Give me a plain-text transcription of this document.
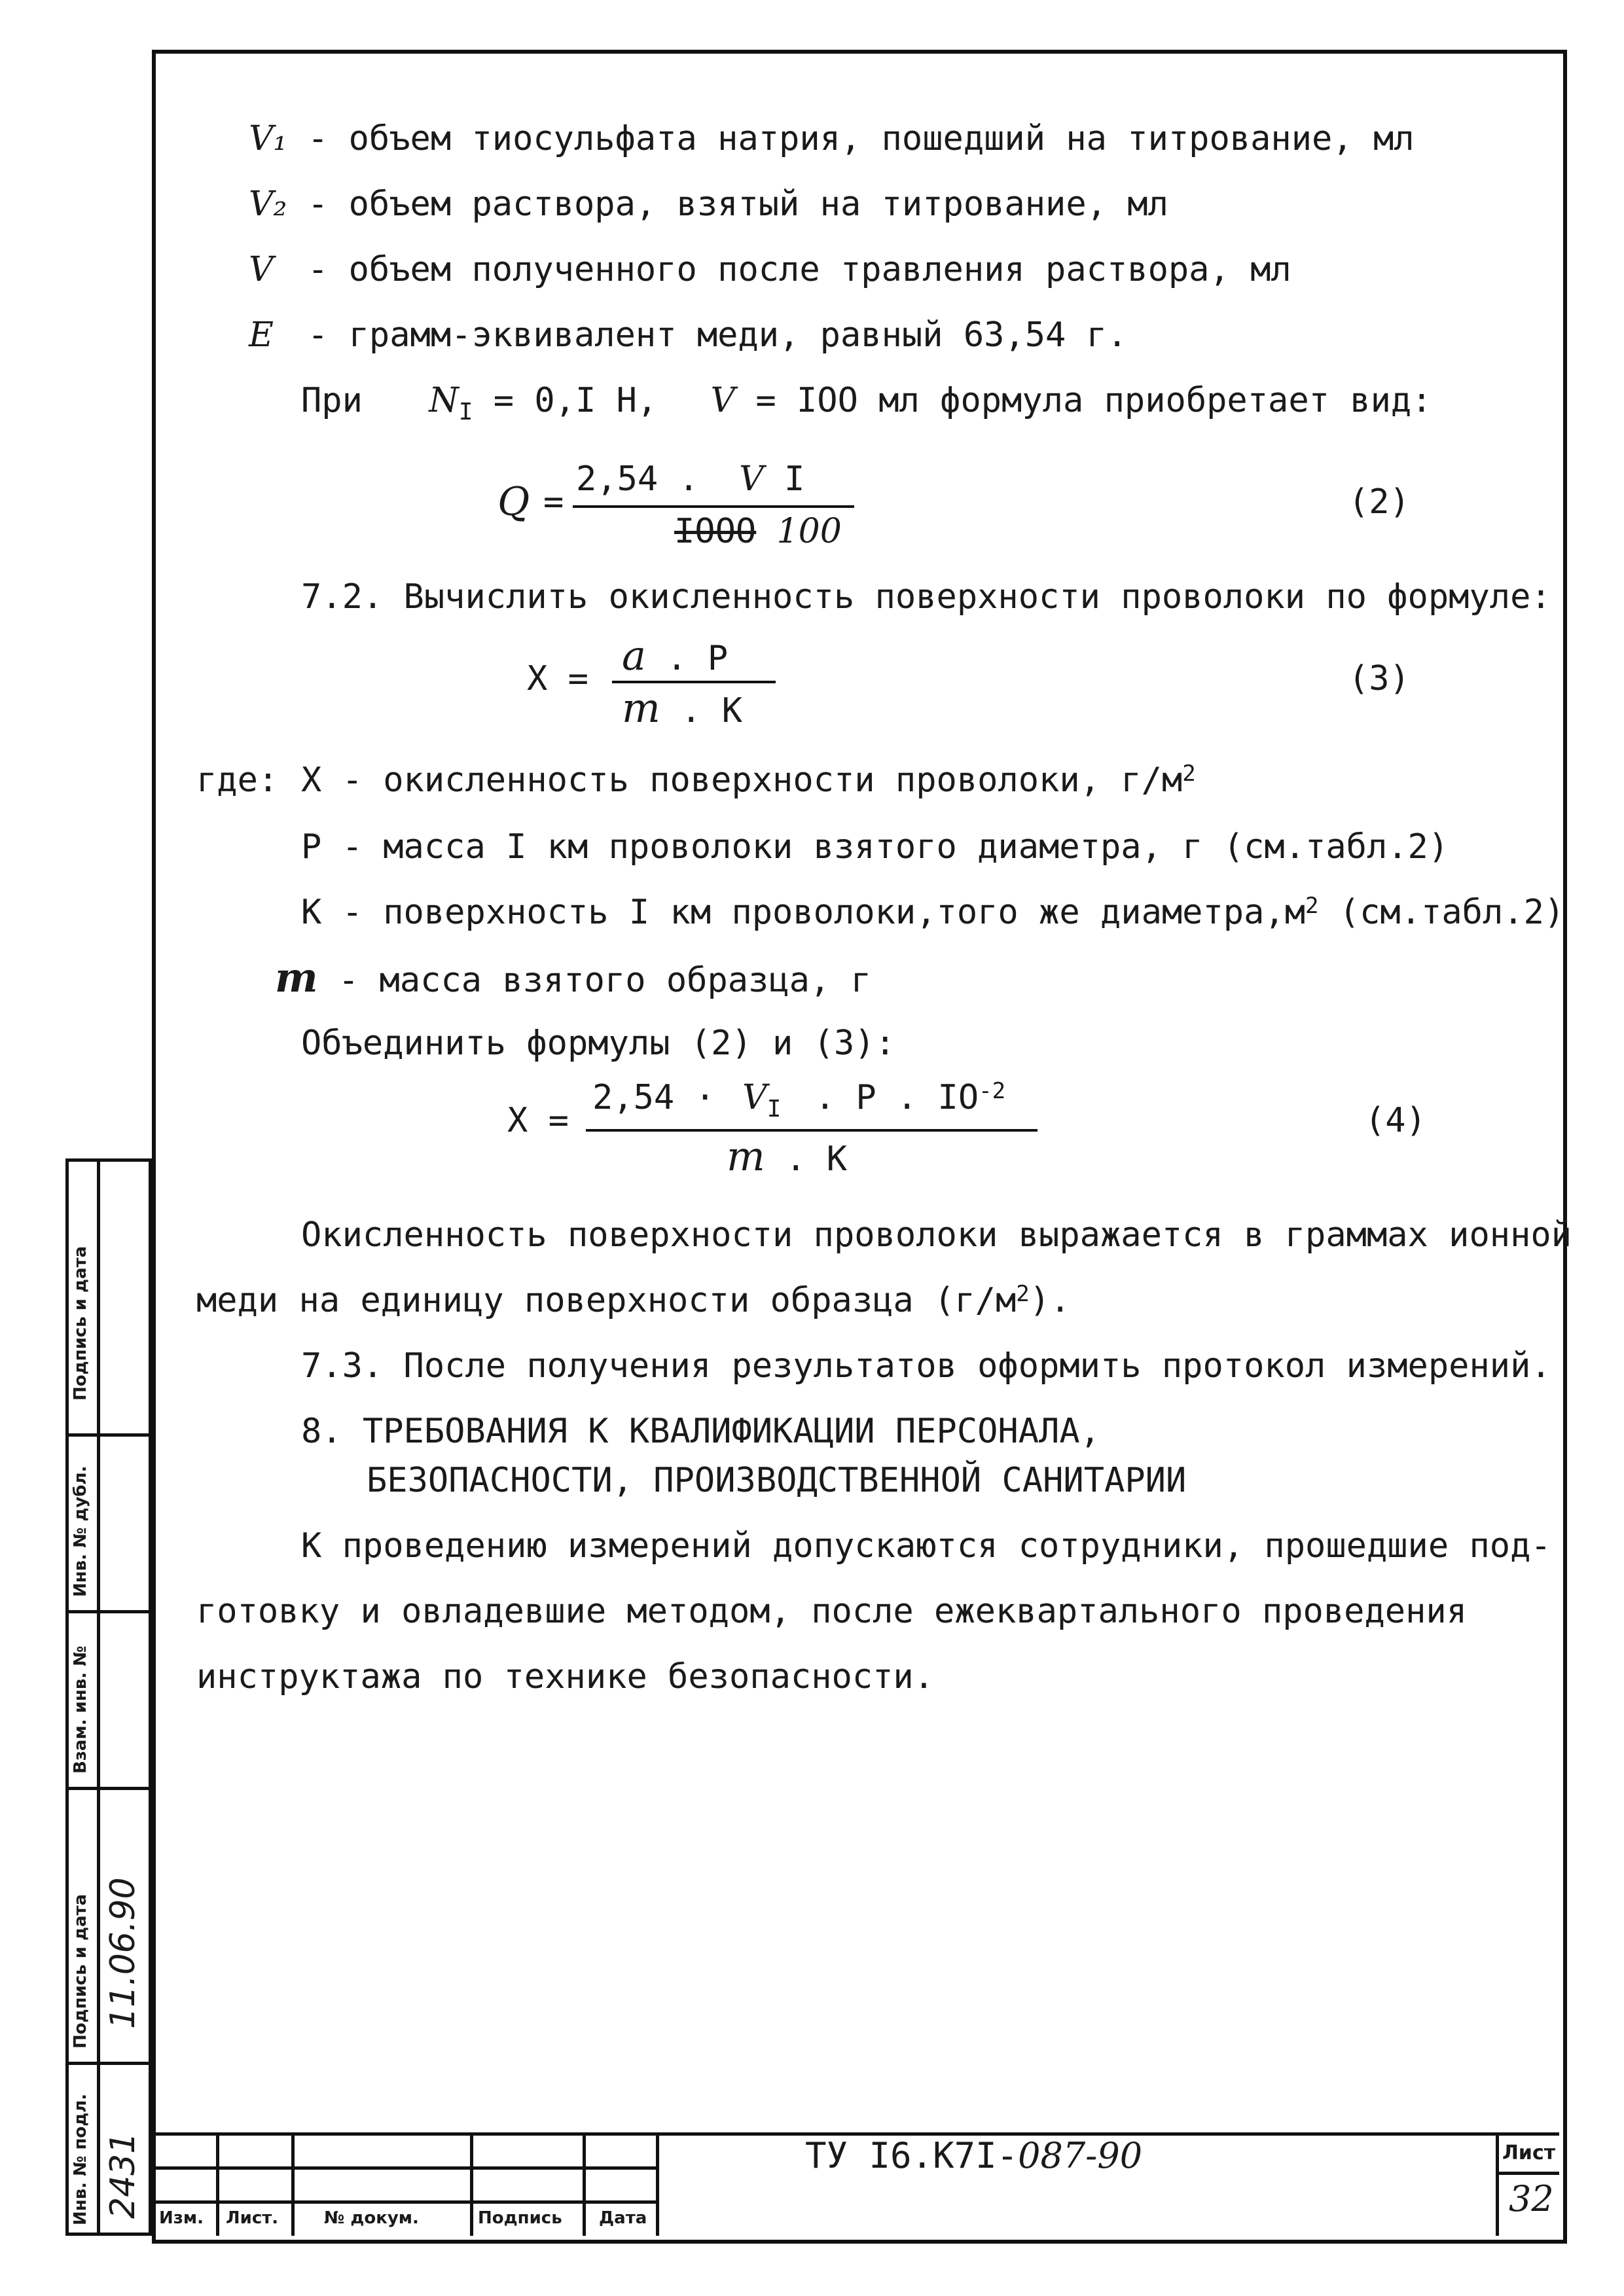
V₁ - объем тиосульфата натрия, пошедший на титрование, мл
V₂ - объем раствора, взятый на титрование, мл
V - объем полученного после травления раствора, мл
E - грамм-эквивалент меди, равный 63,54 г.
При $N_I = 0,I$ Н, V = IOO мл формула приобретает вид:
Q =
2,54 . V I
IOOO 100
(2)
7.2. Вычислить окисленность поверхности проволоки по формуле:
X = a . Р
m . К
(3)
где: Х - окисленность поверхности проволоки, $г/м^2$
Р - масса I км проволоки взятого диаметра, г (см.табл.2)
К - поверхность I км проволоки,того же $диаметра,м^2$ (см.табл.2)
m - масса взятого образца, г
Объединить формулы (2) и (3):
X =
$2,54 \cdot V_I$ . Р . $IO^{-2}$
m . К
(4)
Окисленность поверхности проволоки выражается в граммах ионной
меди на единицу поверхности образца $(г/м^2)$.
7.3. После получения результатов оформить протокол измерений.
8. ТРЕБОВАНИЯ К КВАЛИФИКАЦИИ ПЕРСОНАЛА,
БЕЗОПАСНОСТИ, ПРОИЗВОДСТВЕННОЙ САНИТАРИИ
К проведению измерений допускаются сотрудники, прошедшие под-
готовку и овладевшие методом, после ежеквартального проведения
инструктажа по технике безопасности.
Подпись и дата
Инв. № дубл.
Взам. инв. №
Подпись и дата
Инв. № подл.
11.06.90
2431 Изм. Лист.	№ докум.	Подпись Дата
ТУ I6.К7I-087-90	Лист
32
